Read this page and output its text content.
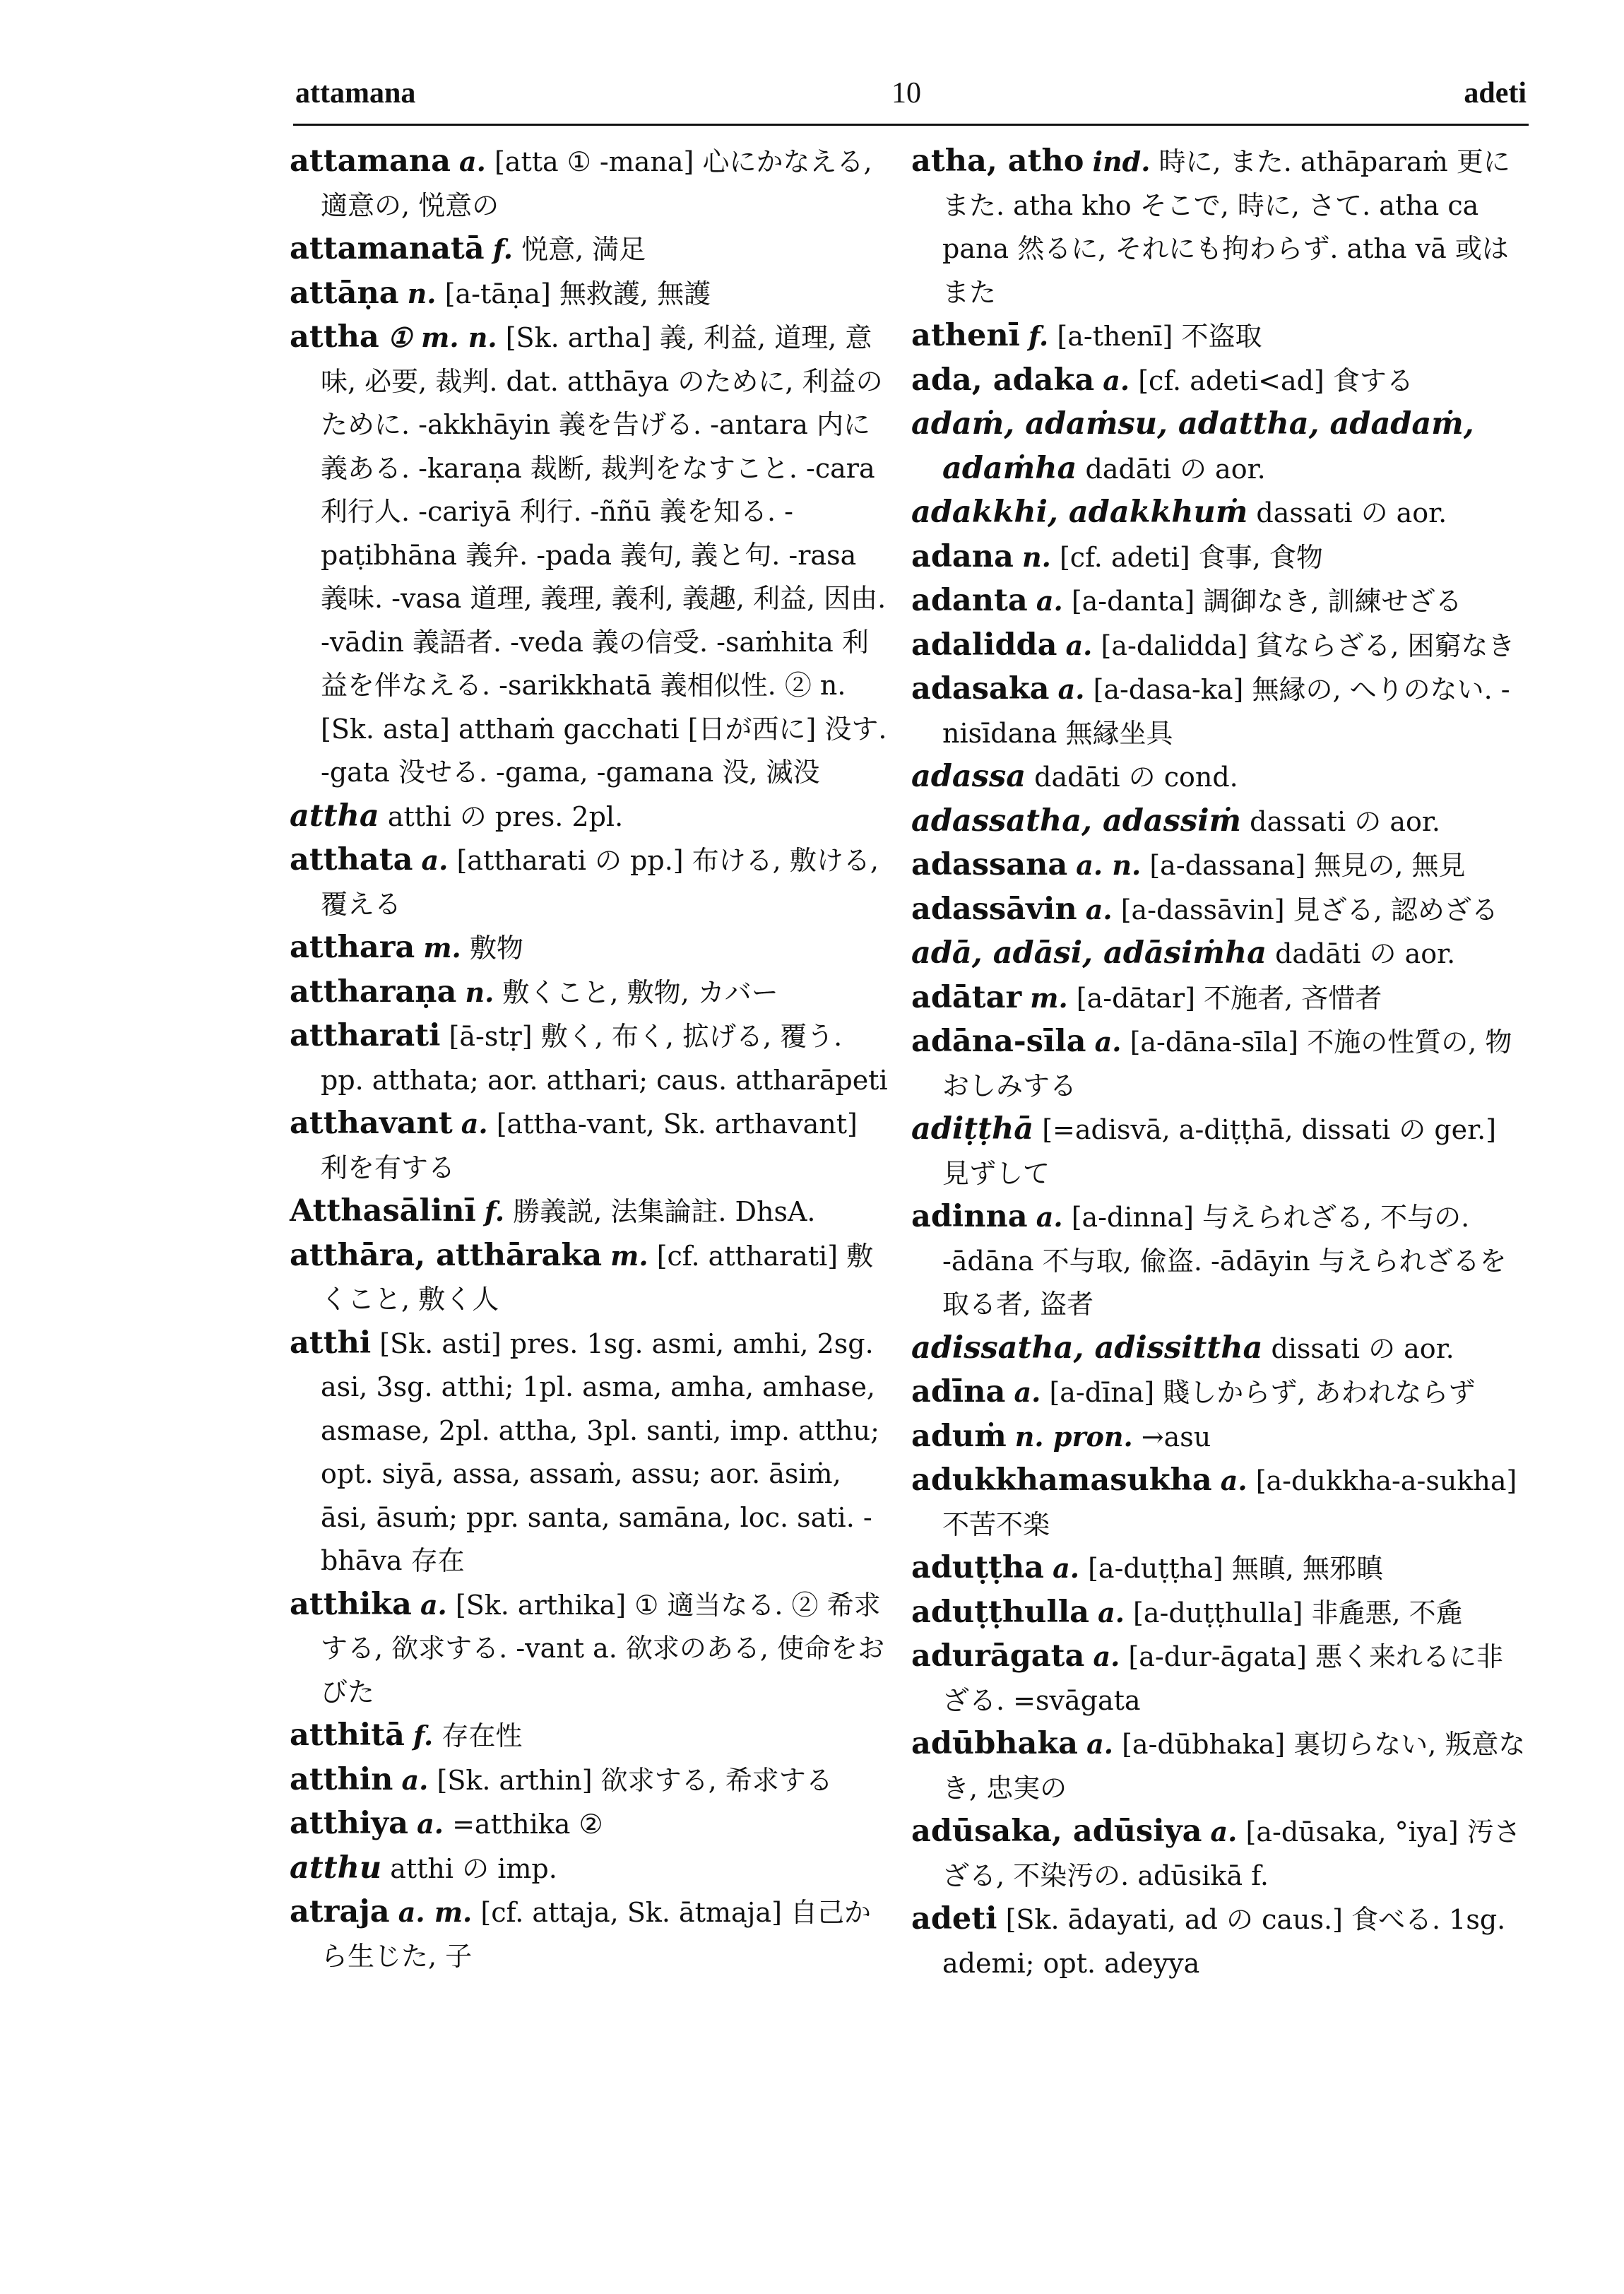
attamana	10	adeti

attamana a. [atta ① -mana] 心にかなえる, 適意の, 悦意の

attamanatā f. 悦意, 満足

attāṇa n. [a-tāṇa] 無救護, 無護

attha ① m. n. [Sk. artha] 義, 利益, 道理, 意味, 必要, 裁判. dat. atthāya のために, 利益のために. -akkhāyin 義を告げる. -antara 内に義ある. -karaṇa 裁断, 裁判をなすこと. -cara 利行人. -cariyā 利行. -ññū 義を知る. -paṭibhāna 義弁. -pada 義句, 義と句. -rasa 義味. -vasa 道理, 義理, 義利, 義趣, 利益, 因由. -vādin 義語者. -veda 義の信受. -saṁhita 利益を伴なえる. -sarikkhatā 義相似性. ② n. [Sk. asta] atthaṁ gacchati [日が西に] 没す. -gata 没せる. -gama, -gamana 没, 滅没

attha atthi の pres. 2pl.

atthata a. [attharati の pp.] 布ける, 敷ける, 覆える

atthara m. 敷物

attharaṇa n. 敷くこと, 敷物, カバー

attharati [ā-stṛ] 敷く, 布く, 拡げる, 覆う. pp. atthata; aor. atthari; caus. attharāpeti

atthavant a. [attha-vant, Sk. arthavant] 利を有する

Atthasālinī f. 勝義説, 法集論註. DhsA.

atthāra, atthāraka m. [cf. attharati] 敷くこと, 敷く人

atthi [Sk. asti] pres. 1sg. asmi, amhi, 2sg. asi, 3sg. atthi; 1pl. asma, amha, amhase, asmase, 2pl. attha, 3pl. santi, imp. atthu; opt. siyā, assa, assaṁ, assu; aor. āsiṁ, āsi, āsuṁ; ppr. santa, samāna, loc. sati. -bhāva 存在

atthika a. [Sk. arthika] ① 適当なる. ② 希求する, 欲求する. -vant a. 欲求のある, 使命をおびた

atthitā f. 存在性

atthin a. [Sk. arthin] 欲求する, 希求する

atthiya a. =atthika ②

atthu atthi の imp.

atraja a. m. [cf. attaja, Sk. ātmaja] 自己から生じた, 子

atha, atho ind. 時に, また. athāparaṁ 更にまた. atha kho そこで, 時に, さて. atha ca pana 然るに, それにも拘わらず. atha vā 或はまた

athenī f. [a-thenī] 不盗取

ada, adaka a. [cf. adeti<ad] 食する

adaṁ, adaṁsu, adattha, adadaṁ, adaṁha dadāti の aor.

adakkhi, adakkhuṁ dassati の aor.

adana n. [cf. adeti] 食事, 食物

adanta a. [a-danta] 調御なき, 訓練せざる

adalidda a. [a-dalidda] 貧ならざる, 困窮なき

adasaka a. [a-dasa-ka] 無縁の, へりのない. -nisīdana 無縁坐具

adassa dadāti の cond.

adassatha, adassiṁ dassati の aor.

adassana a. n. [a-dassana] 無見の, 無見

adassāvin a. [a-dassāvin] 見ざる, 認めざる

adā, adāsi, adāsiṁha dadāti の aor.

adātar m. [a-dātar] 不施者, 吝惜者

adāna-sīla a. [a-dāna-sīla] 不施の性質の, 物おしみする

adiṭṭhā [=adisvā, a-diṭṭhā, dissati の ger.] 見ずして

adinna a. [a-dinna] 与えられざる, 不与の. -ādāna 不与取, 偸盗. -ādāyin 与えられざるを取る者, 盗者

adissatha, adissittha dissati の aor.

adīna a. [a-dīna] 賤しからず, あわれならず

aduṁ n. pron. →asu

adukkhamasukha a. [a-dukkha-a-sukha] 不苦不楽

aduṭṭha a. [a-duṭṭha] 無瞋, 無邪瞋

aduṭṭhulla a. [a-duṭṭhulla] 非麁悪, 不麁

adurāgata a. [a-dur-āgata] 悪く来れるに非ざる. =svāgata

adūbhaka a. [a-dūbhaka] 裏切らない, 叛意なき, 忠実の

adūsaka, adūsiya a. [a-dūsaka, °iya] 汚さざる, 不染汚の. adūsikā f.

adeti [Sk. ādayati, ad の caus.] 食べる. 1sg. ademi; opt. adeyya
